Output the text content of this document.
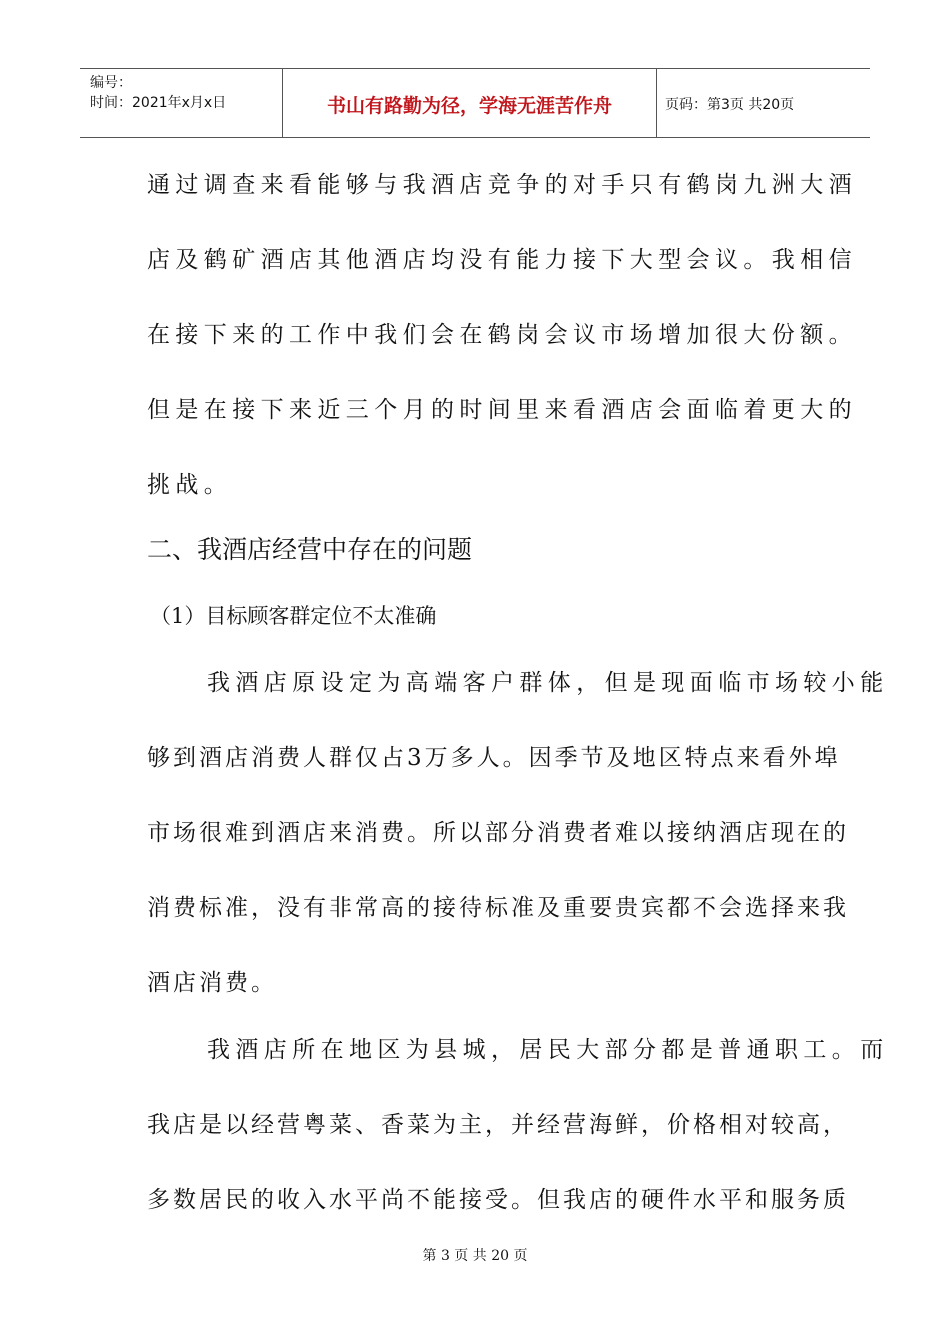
编号：
时间：2021年x月x日	书山有路勤为径，学海无涯苦作舟	页码：第3页 共20页
通过调查来看能够与我酒店竞争的对手只有鹤岗九洲大酒
店及鹤矿酒店其他酒店均没有能力接下大型会议。我相信
在接下来的工作中我们会在鹤岗会议市场增加很大份额。
但是在接下来近三个月的时间里来看酒店会面临着更大的
挑战。
二、我酒店经营中存在的问题
（1）目标顾客群定位不太准确
我酒店原设定为高端客户群体，但是现面临市场较小能
够到酒店消费人群仅占3万多人。因季节及地区特点来看外埠
市场很难到酒店来消费。所以部分消费者难以接纳酒店现在的
消费标准，没有非常高的接待标准及重要贵宾都不会选择来我
酒店消费。
我酒店所在地区为县城，居民大部分都是普通职工。而
我店是以经营粤菜、香菜为主，并经营海鲜，价格相对较高，
多数居民的收入水平尚不能接受。但我店的硬件水平和服务质
第 3 页 共 20 页
